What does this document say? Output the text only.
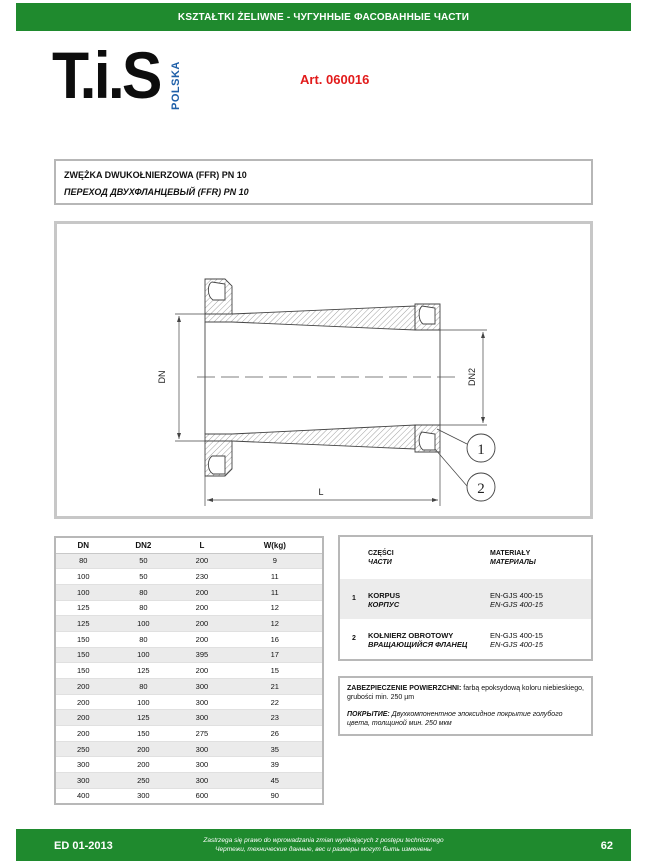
KSZTAŁTKI ŻELIWNE - ЧУГУННЫЕ ФАСОВАННЫЕ ЧАСТИ
T.i.S POLSKA	Art. 060016
ZWĘŻKA DWUKOŁNIERZOWA (FFR) PN 10
ПЕРЕХОД ДВУХФЛАНЦЕВЫЙ (FFR) PN 10
DN	DN2
L
1
2
DN	DN2	L	W(kg)
80	50	200	9
100	50	230	11
100	80	200	11
125	80	200	12
125	100	200	12
150	80	200	16
150	100	395	17
150	125	200	15
200	80	300	21
200	100	300	22
200	125	300	23
200	150	275	26
250	200	300	35
300	200	300	39
300	250	300	45
400	300	600	90
CZĘŚCI
ЧАСТИ
MATERIAŁY
МАТЕРИАЛЫ
1 KORPUS
КОРПУС
EN-GJS 400-15
EN-GJS 400-15
2 KOŁNIERZ OBROTOWY
ВРАЩАЮЩИЙСЯ ФЛАНЕЦ
EN-GJS 400-15
EN-GJS 400-15

ZABEZPIECZENIE POWIERZCHNI: farbą epoksydową koloru niebieskiego, grubości min. 250 µm

ПОКРЫТИЕ: Двухкомпонентное эпоксидное покрытие голубого цвета, толщиной мин. 250 мкм

ED 01-2013	Zastrzega się prawo do wprowadzania zmian wynikających z postępu technicznego
Чертежи, технические данные, вес и размеры могут быть изменены	62
